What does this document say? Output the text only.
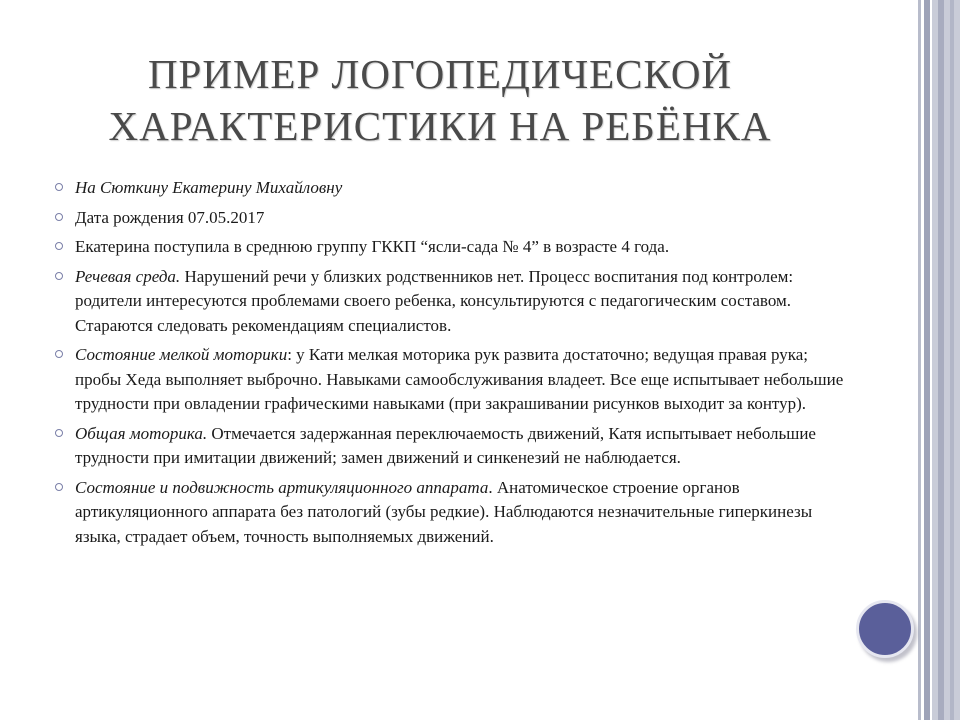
ПРИМЕР ЛОГОПЕДИЧЕСКОЙ
ХАРАКТЕРИСТИКИ НА РЕБЁНКА
На Сюткину Екатерину Михайловну
Дата рождения 07.05.2017
Екатерина поступила в среднюю группу ГККП “ясли-сада № 4” в возрасте 4 года.
Речевая среда. Нарушений речи у близких родственников нет. Процесс воспитания под контролем: родители интересуются проблемами своего ребенка, консультируются с педагогическим составом. Стараются следовать рекомендациям специалистов.
Состояние мелкой моторики: у Кати мелкая моторика рук развита достаточно; ведущая правая рука; пробы Хеда выполняет выброчно. Навыками самообслуживания владеет. Все еще испытывает небольшие трудности при овладении графическими навыками (при закрашивании рисунков выходит за контур).
Общая моторика. Отмечается задержанная переключаемость движений, Катя испытывает небольшие трудности при имитации движений; замен движений и синкенезий не наблюдается.
Состояние и подвижность артикуляционного аппарата. Анатомическое строение органов артикуляционного аппарата без патологий (зубы редкие). Наблюдаются незначительные гиперкинезы языка, страдает объем, точность выполняемых движений.
